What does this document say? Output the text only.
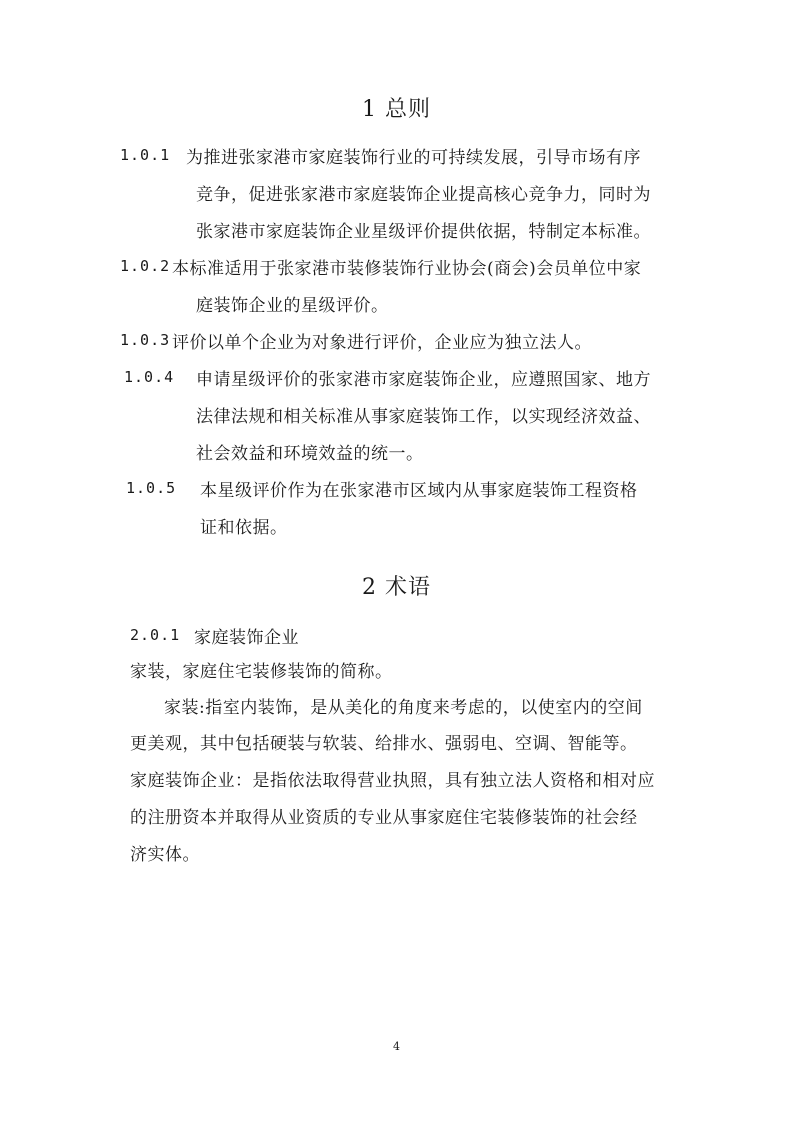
1 总则
1.0.1 为推进张家港市家庭装饰行业的可持续发展，引导市场有序
竞争，促进张家港市家庭装饰企业提高核心竞争力，同时为
张家港市家庭装饰企业星级评价提供依据，特制定本标准。
1.0.2 本标准适用于张家港市装修装饰行业协会(商会)会员单位中家
庭装饰企业的星级评价。
1.0.3 评价以单个企业为对象进行评价，企业应为独立法人。
1.0.4 申请星级评价的张家港市家庭装饰企业，应遵照国家、地方
法律法规和相关标准从事家庭装饰工作，以实现经济效益、
社会效益和环境效益的统一。
1.0.5 本星级评价作为在张家港市区域内从事家庭装饰工程资格
证和依据。
2 术语
2.0.1 家庭装饰企业
家装，家庭住宅装修装饰的简称。
家装:指室内装饰，是从美化的角度来考虑的，以使室内的空间
更美观，其中包括硬装与软装、给排水、强弱电、空调、智能等。
家庭装饰企业：是指依法取得营业执照，具有独立法人资格和相对应
的注册资本并取得从业资质的专业从事家庭住宅装修装饰的社会经
济实体。
4
